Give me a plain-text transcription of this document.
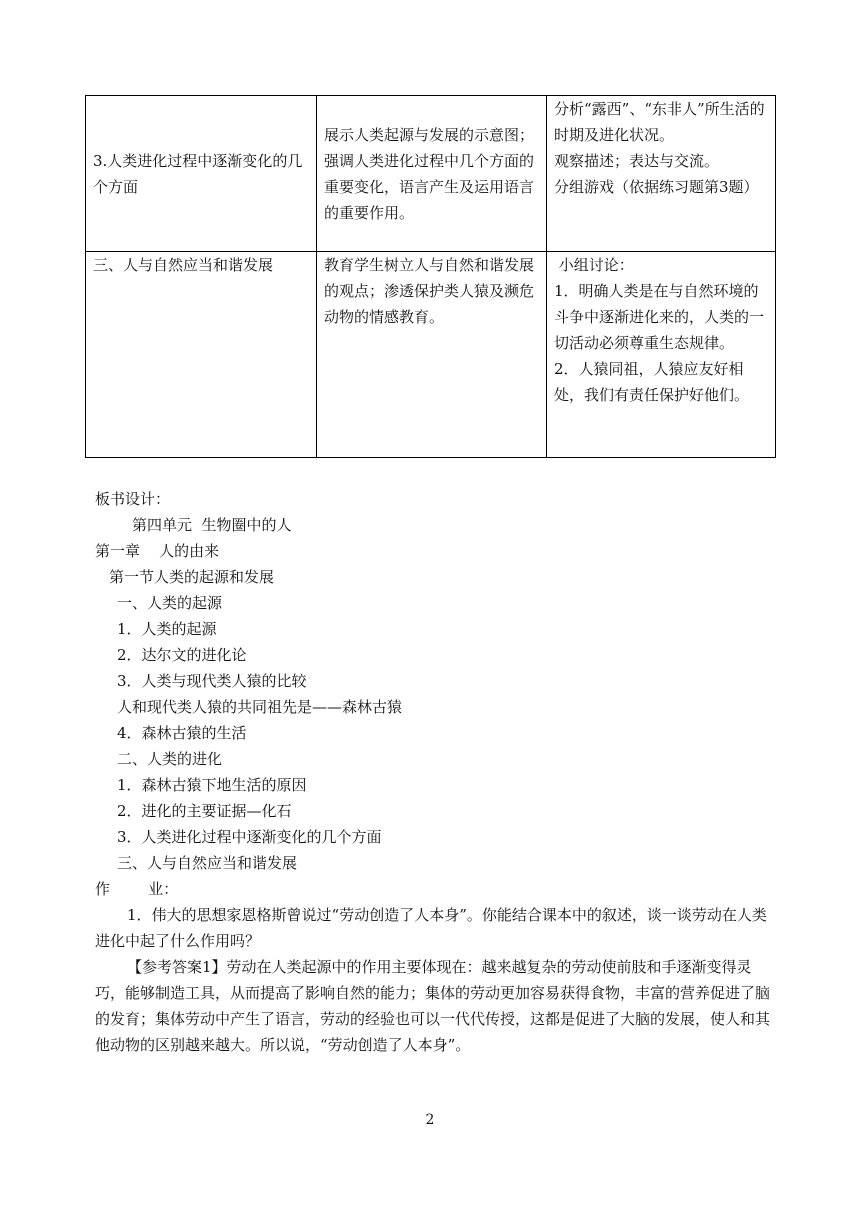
3.人类进化过程中逐渐变化的几个方面	展示人类起源与发展的示意图；强调人类进化过程中几个方面的重要变化，语言产生及运用语言的重要作用。	分析“露西”、“东非人”所生活的时期及进化状况。
观察描述；表达与交流。
分组游戏（依据练习题第3题）

三、人与自然应当和谐发展	教育学生树立人与自然和谐发展的观点；渗透保护类人猿及濒危动物的情感教育。	小组讨论：
1．明确人类是在与自然环境的斗争中逐渐进化来的，人类的一切活动必须尊重生态规律。
2．人猿同祖，人猿应友好相处，我们有责任保护好他们。
板书设计：
第四单元  生物圈中的人
第一章    人的由来
第一节人类的起源和发展
一、人类的起源
1．人类的起源
2．达尔文的进化论
3．人类与现代类人猿的比较
人和现代类人猿的共同祖先是——森林古猿
4．森林古猿的生活
二、人类的进化
1．森林古猿下地生活的原因
2．进化的主要证据—化石
3．人类进化过程中逐渐变化的几个方面
三、人与自然应当和谐发展
作        业：
1．伟大的思想家恩格斯曾说过“劳动创造了人本身”。你能结合课本中的叙述，谈一谈劳动在人类进化中起了什么作用吗？
【参考答案1】劳动在人类起源中的作用主要体现在：越来越复杂的劳动使前肢和手逐渐变得灵巧，能够制造工具，从而提高了影响自然的能力；集体的劳动更加容易获得食物，丰富的营养促进了脑的发育；集体劳动中产生了语言，劳动的经验也可以一代代传授，这都是促进了大脑的发展，使人和其他动物的区别越来越大。所以说，“劳动创造了人本身”。
2
